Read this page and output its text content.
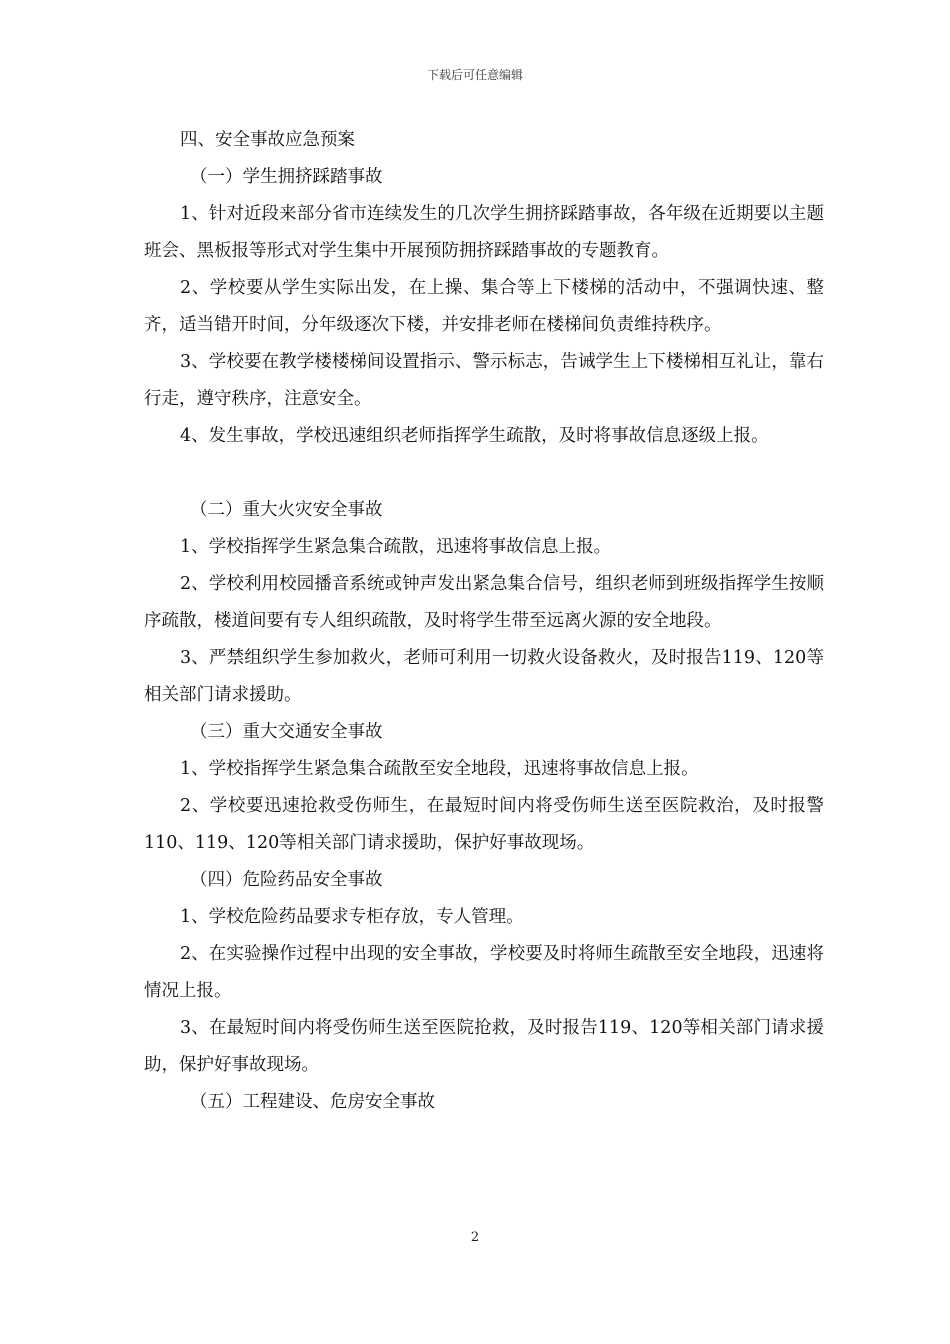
下载后可任意编辑

四、安全事故应急预案

（一）学生拥挤踩踏事故

1、针对近段来部分省市连续发生的几次学生拥挤踩踏事故，各年级在近期要以主题班会、黑板报等形式对学生集中开展预防拥挤踩踏事故的专题教育。

2、学校要从学生实际出发，在上操、集合等上下楼梯的活动中，不强调快速、整齐，适当错开时间，分年级逐次下楼，并安排老师在楼梯间负责维持秩序。

3、学校要在教学楼楼梯间设置指示、警示标志，告诫学生上下楼梯相互礼让，靠右行走，遵守秩序，注意安全。

4、发生事故，学校迅速组织老师指挥学生疏散，及时将事故信息逐级上报。

（二）重大火灾安全事故

1、学校指挥学生紧急集合疏散，迅速将事故信息上报。

2、学校利用校园播音系统或钟声发出紧急集合信号，组织老师到班级指挥学生按顺序疏散，楼道间要有专人组织疏散，及时将学生带至远离火源的安全地段。

3、严禁组织学生参加救火，老师可利用一切救火设备救火，及时报告119、120等相关部门请求援助。

（三）重大交通安全事故

1、学校指挥学生紧急集合疏散至安全地段，迅速将事故信息上报。

2、学校要迅速抢救受伤师生，在最短时间内将受伤师生送至医院救治，及时报警110、119、120等相关部门请求援助，保护好事故现场。

（四）危险药品安全事故

1、学校危险药品要求专柜存放，专人管理。

2、在实验操作过程中出现的安全事故，学校要及时将师生疏散至安全地段，迅速将情况上报。

3、在最短时间内将受伤师生送至医院抢救，及时报告119、120等相关部门请求援助，保护好事故现场。

（五）工程建设、危房安全事故

2
